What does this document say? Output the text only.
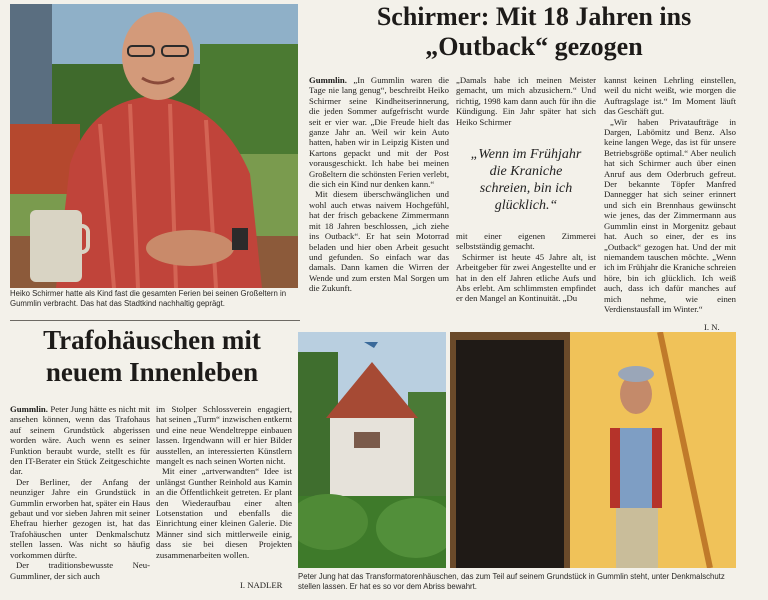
Heiko Schirmer hatte als Kind fast die gesamten Ferien bei seinen Großeltern in Gummlin verbracht. Das hat das Stadtkind nachhaltig geprägt.

Schirmer: Mit 18 Jahren ins
„Outback“ gezogen

Gummlin. „In Gummlin waren die Tage nie lang genug“, beschreibt Heiko Schirmer seine Kindheitserinnerung, die jeden Sommer aufgefrischt wurde seit er vier war. „Die Freude hielt das ganze Jahr an. Weil wir kein Auto hatten, haben wir in Leipzig Kisten und Kartons gepackt und mit der Post vorausgeschickt. Ich habe bei meinen Großeltern die schönsten Ferien verlebt, die sich ein Kind nur denken kann.“

Mit diesem überschwänglichen und wohl auch etwas naivem Hochgefühl, hat der frisch gebackene Zimmermann mit 18 Jahren beschlossen, „ich ziehe ins Outback“. Er hat sein Motorrad beladen und hier oben Arbeit gesucht und gefunden. So einfach war das damals. Dann kamen die Wirren der Wende und zum ersten Mal Sorgen um die Zukunft.

„Damals habe ich meinen Meister gemacht, um mich abzusichern.“ Und richtig, 1998 kam dann auch für ihn die Kündigung. Ein Jahr später hat sich Heiko Schirmer

„Wenn im Frühjahr die Kraniche schreien, bin ich glücklich.“

mit einer eigenen Zimmerei selbstständig gemacht.

Schirmer ist heute 45 Jahre alt, ist Arbeitgeber für zwei Angestellte und er hat in den elf Jahren etliche Aufs und Abs erlebt. Am schlimmsten empfindet er den Mangel an Kontinuität. „Du

kannst keinen Lehrling einstellen, weil du nicht weißt, wie morgen die Auftragslage ist.“ Im Moment läuft das Geschäft gut.

„Wir haben Privataufträge in Dargen, Labömitz und Benz. Also keine langen Wege, das ist für unsere Betriebsgröße optimal.“ Aber neulich hat sich Schirmer auch über einen Anruf aus dem Oderbruch gefreut. Der bekannte Töpfer Manfred Dannegger hat sich seiner erinnert und sich ein Brennhaus gewünscht wie jenes, das der Zimmermann aus Gummlin einst in Morgenitz gebaut hat. Auch so einer, der es ins „Outback“ gezogen hat. Und der mit niemandem tauschen möchte. „Wenn ich im Frühjahr die Kraniche schreien höre, bin ich glücklich. Ich weiß auch, dass ich dafür manches auf mich nehme, wie einen Verdienstausfall im Winter.“

I. N.

Trafohäuschen mit
neuem Innenleben

Gummlin. Peter Jung hätte es nicht mit ansehen können, wenn das Trafohaus auf seinem Grundstück abgerissen worden wäre. Auch wenn es seiner Funktion beraubt wurde, stellt es für den IT-Berater ein Stück Zeitgeschichte dar.

Der Berliner, der Anfang der neunziger Jahre ein Grundstück in Gummlin erworben hat, später ein Haus gebaut und vor sieben Jahren mit seiner Ehefrau hierher gezogen ist, hat das Trafohäuschen unter Denkmalschutz stellen lassen. Was nicht so häufig vorkommen dürfte.

Der traditionsbewusste Neu-Gummliner, der sich auch

im Stolper Schlossverein engagiert, hat seinen „Turm“ inzwischen entkernt und eine neue Wendeltreppe einbauen lassen. Irgendwann will er hier Bilder ausstellen, an interessierten Künstlern mangelt es nach seinen Worten nicht.

Mit einer „artverwandten“ Idee ist unlängst Gunther Reinhold aus Kamin an die Öffentlichkeit getreten. Er plant den Wiederaufbau einer alten Lotsenstation und ebenfalls die Einrichtung einer kleinen Galerie. Die Männer sind sich mittlerweile einig, dass sie bei diesen Projekten zusammenarbeiten wollen.

I. NADLER

Peter Jung hat das Transformatorenhäuschen, das zum Teil auf seinem Grundstück in Gummlin steht, unter Denkmalschutz stellen lassen. Er hat es so vor dem Abriss bewahrt.
